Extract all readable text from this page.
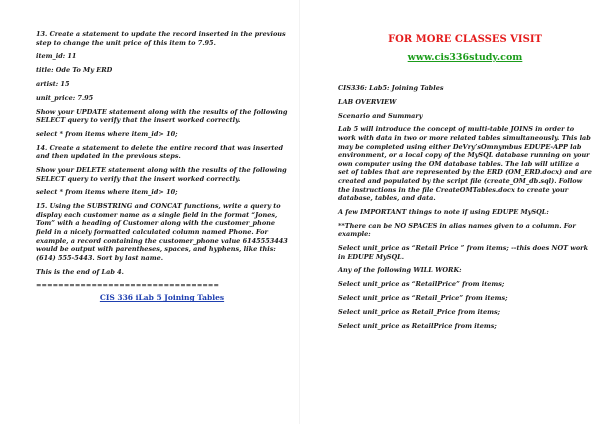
13. Create a statement to update the record inserted in the previous step to change the unit price of this item to 7.95.

item_id: 11

title: Ode To My ERD

artist: 15

unit_price: 7.95

Show your UPDATE statement along with the results of the following SELECT query to verify that the insert worked correctly.

select * from items where item_id> 10;

14. Create a statement to delete the entire record that was inserted and then updated in the previous steps.

Show your DELETE statement along with the results of the following SELECT query to verify that the insert worked correctly.

select * from items where item_id> 10;

15. Using the SUBSTRING and CONCAT functions, write a query to display each customer name as a single field in the format “Jones, Tom” with a heading of Customer along with the customer_phone field in a nicely formatted calculated column named Phone. For example, a record containing the customer_phone value 6145553443 would be output with parentheses, spaces, and hyphens, like this: (614) 555-5443. Sort by last name.

This is the end of Lab 4.

=================================
CIS 336 iLab 5 Joining Tables
FOR MORE CLASSES VISIT
www.cis336study.com

CIS336: Lab5: Joining Tables

LAB OVERVIEW

Scenario and Summary

Lab 5 will introduce the concept of multi-table JOINS in order to work with data in two or more related tables simultaneously. This lab may be completed using either DeVry’sOmnymbus EDUPE-APP lab environment, or a local copy of the MySQL database running on your own computer using the OM database tables. The lab will utilize a set of tables that are represented by the ERD (OM_ERD.docx) and are created and populated by the script file (create_OM_db.sql). Follow the instructions in the file CreateOMTables.docx to create your database, tables, and data.

A few IMPORTANT things to note if using EDUPE MySQL:

**There can be NO SPACES in alias names given to a column. For example:

Select unit_price as “Retail Price ” from items; --this does NOT work in EDUPE MySQL.

Any of the following WILL WORK:

Select unit_price as “RetailPrice” from items;

Select unit_price as “Retail_Price” from items;

Select unit_price as Retail_Price from items;

Select unit_price as RetailPrice from items;
